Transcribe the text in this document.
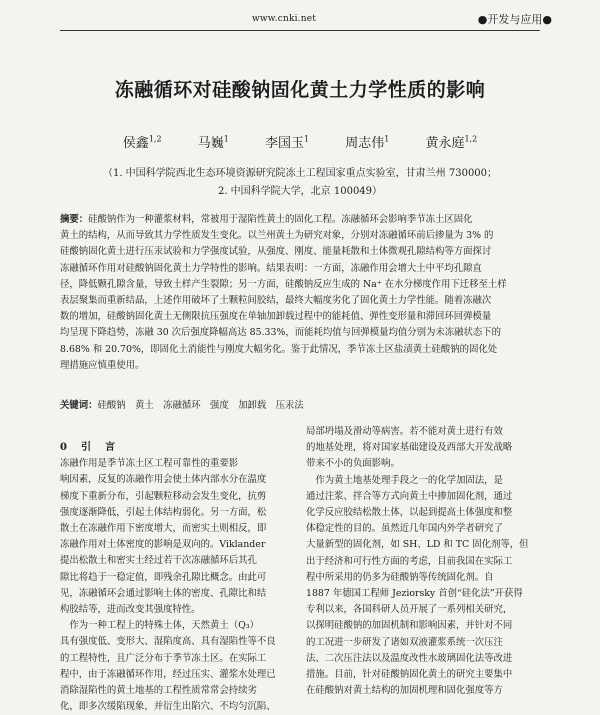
www.cnki.net	●开发与应用●
冻融循环对硅酸钠固化黄土力学性质的影响
侯鑫$^{1,2}$	马巍$^1$	李国玉$^1$	周志伟$^1$	黄永庭$^{1,2}$
（1. 中国科学院西北生态环境资源研究院冻土工程国家重点实验室，甘肃兰州 730000；
2. 中国科学院大学，北京 100049）
摘要：硅酸钠作为一种灌浆材料，常被用于湿陷性黄土的固化工程。冻融循环会影响季节冻土区固化
黄土的结构，从而导致其力学性质发生变化。以兰州黄土为研究对象，分别对冻融循环前后掺量为 3% 的
硅酸钠固化黄土进行压汞试验和力学强度试验，从强度、刚度、能量耗散和土体微观孔隙结构等方面探讨
冻融循环作用对硅酸钠固化黄土力学特性的影响。结果表明：一方面，冻融作用会增大土中平均孔隙直
径，降低颗孔隙含量，导致土样产生裂隙；另一方面，硅酸钠反应生成的 Na⁺ 在水分梯度作用下迁移至土样
表层聚集而重新结晶，上述作用破坏了土颗粒间胶结，最终大幅度劣化了固化黄土力学性能。随着冻融次
数的增加，硅酸钠固化黄土无侧限抗压强度在单轴加卸载过程中的能耗值、弹性变形量和滞回环回弹模量
均呈现下降趋势，冻融 30 次后强度降幅高达 85.33%，而能耗均值与回弹模量均值分别为未冻融状态下的
8.68% 和 20.70%，即固化土消能性与刚度大幅劣化。鉴于此情况，季节冻土区盐渍黄土硅酸钠的固化处
理措施应慎重使用。
关键词：硅酸钠　黄土　冻融循环　强度　加卸载　压汞法
0　引　言
冻融作用是季节冻土区工程可靠性的重要影
响因素，反复的冻融作用会使土体内部水分在温度
梯度下重新分布，引起颗粒移动会发生变化，抗剪
强度逐渐降低，引起土体结构弱化。另一方面，松
散土在冻融作用下密度增大，而密实土则相反，即
冻融作用对土体密度的影响是双向的。Viklander
提出松散土和密实土经过若干次冻融循环后其孔
隙比将趋于一稳定值，即残余孔隙比概念。由此可
见，冻融循环会通过影响土体的密度、孔隙比和结
构胶结等，进而改变其强度特性。
　作为一种工程上的特殊土体，天然黄土（Q₃）
具有强度低、变形大、湿陷度高、具有湿陷性等不良
的工程特性，且广泛分布于季节冻土区。在实际工
程中，由于冻融循环作用，经过压实、灌浆水处理已
消除湿陷性的黄土地基的工程性质常常会持续劣
化，即多次缓陷现象，并衍生出陷穴、不均匀沉陷、
局部坍塌及滑动等病害。若不能对黄土进行有效
的地基处理，将对国家基础建设及西部大开发战略
带来不小的负面影响。
　作为黄土地基处理手段之一的化学加固法，是
通过注浆、拌合等方式向黄土中掺加固化剂，通过
化学反应胶结松散土体，以起到提高土体强度和整
体稳定性的目的。虽然近几年国内外学者研究了
大量新型的固化剂，如 SH、LD 和 TC 固化剂等，但
出于经济和可行性方面的考虑，目前我国在实际工
程中所采用的仍多为硅酸钠等传统固化剂。自
1887 年德国工程师 Jeziorsky 首创“硅化法”开获得
专利以来，各国科研人员开展了一系列相关研究，
以探明硅酸钠的加固机制和影响因素，并针对不同
的工况进一步研发了诸如双液灌浆系统一次压注
法、二次压注法以及温度改性水玻璃固化法等改进
措施。目前，针对硅酸钠固化黄土的研究主要集中
在硅酸钠对黄土结构的加固机理和固化强度等方
